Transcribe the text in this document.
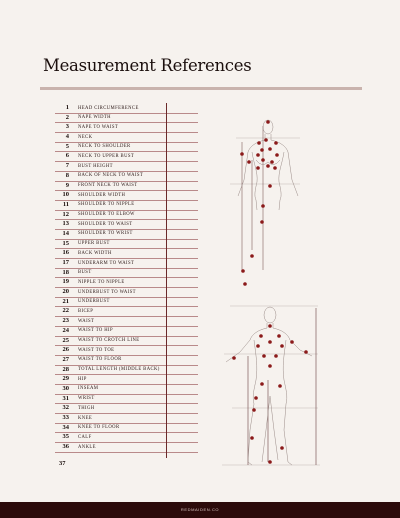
Measurement References
1 HEAD CIRCUMFERENCE
2 NAPE WIDTH
3 NAPE TO WAIST
4 NECK
5 NECK TO SHOULDER
6 NECK TO UPPER BUST
7 BUST HEIGHT
8 BACK OF NECK TO WAIST
9 FRONT NECK TO WAIST
10 SHOULDER WIDTH
11 SHOULDER TO NIPPLE
12 SHOULDER TO ELBOW
13 SHOULDER TO WAIST
14 SHOULDER TO WRIST
15 UPPER BUST
16 BACK WIDTH
17 UNDERARM TO WAIST
18 BUST
19 NIPPLE TO NIPPLE
20 UNDERBUST TO WAIST
21 UNDERBUST
22 BICEP
23 WAIST
24 WAIST TO HIP
25 WAIST TO CROTCH LINE
26 WAIST TO TOE
27 WAIST TO FLOOR
28 TOTAL LENGTH (MIDDLE BACK)
29 HIP
30 INSEAM
31 WRIST
32 THIGH
33 KNEE
34 KNEE TO FLOOR
35 CALF
36 ANKLE
37
REDMAIDEN.CO
